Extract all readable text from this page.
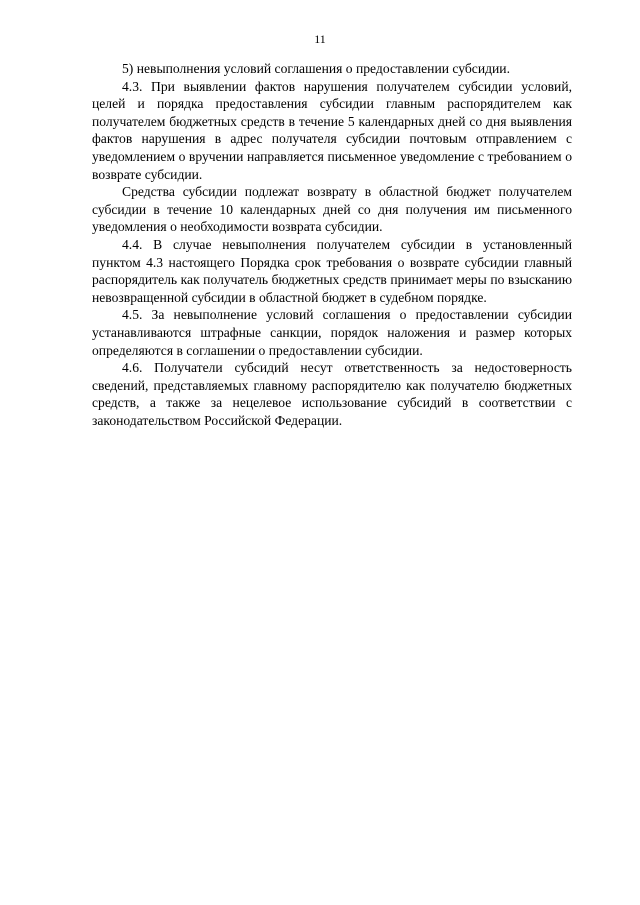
11

5) невыполнения условий соглашения о предоставлении субсидии.

4.3. При выявлении фактов нарушения получателем субсидии условий, целей и порядка предоставления субсидии главным распорядителем как получателем бюджетных средств в течение 5 календарных дней со дня выявления фактов нарушения в адрес получателя субсидии почтовым отправлением с уведомлением о вручении направляется письменное уведомление с требованием о возврате субсидии.

Средства субсидии подлежат возврату в областной бюджет получателем субсидии в течение 10 календарных дней со дня получения им письменного уведомления о необходимости возврата субсидии.

4.4. В случае невыполнения получателем субсидии в установленный пунктом 4.3 настоящего Порядка срок требования о возврате субсидии главный распорядитель как получатель бюджетных средств принимает меры по взысканию невозвращенной субсидии в областной бюджет в судебном порядке.

4.5. За невыполнение условий соглашения о предоставлении субсидии устанавливаются штрафные санкции, порядок наложения и размер которых определяются в соглашении о предоставлении субсидии.

4.6. Получатели субсидий несут ответственность за недостоверность сведений, представляемых главному распорядителю как получателю бюджетных средств, а также за нецелевое использование субсидий в соответствии с законодательством Российской Федерации.
